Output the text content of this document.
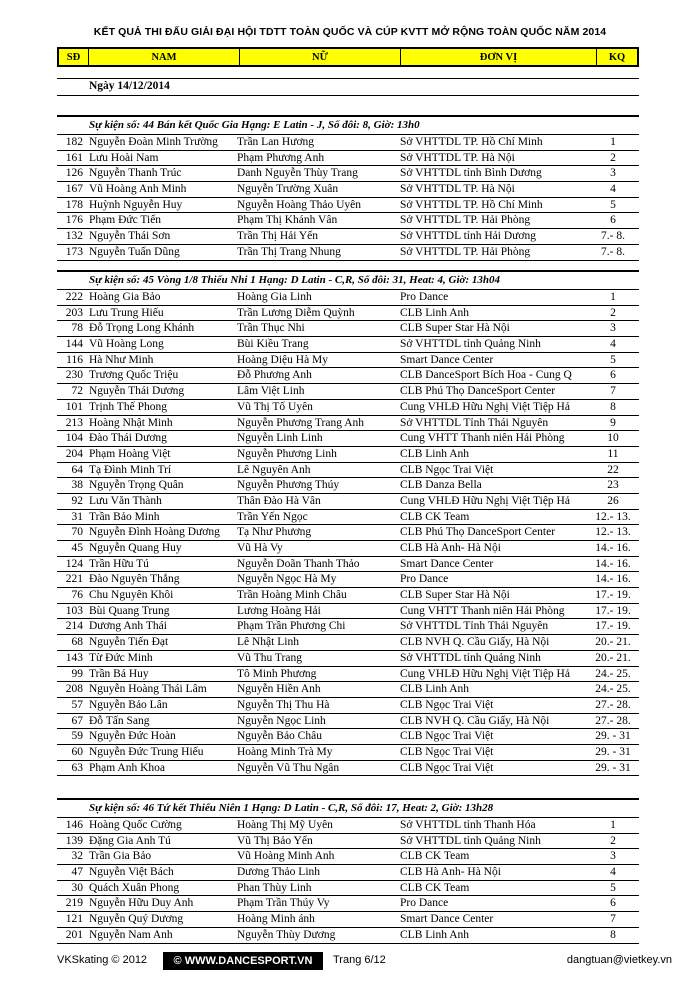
KẾT QUẢ THI ĐẤU GIẢI ĐẠI HỘI TDTT TOÀN QUỐC VÀ CÚP KVTT MỞ RỘNG TOÀN QUỐC NĂM 2014
SĐ	NAM	NỮ	ĐƠN VỊ	KQ
Ngày 14/12/2014
Sự kiện số: 44 Bán kết Quốc Gia Hạng: E Latin - J, Số đôi: 8, Giờ: 13h0
182 Nguyễn Đoàn Minh Trường	Trần Lan Hương	Sở VHTTDL TP. Hồ Chí Minh	1
161 Lưu Hoài Nam	Phạm Phương Anh	Sở VHTTDL TP. Hà Nội	2
126 Nguyễn Thanh Trúc	Danh Nguyễn Thùy Trang	Sở VHTTDL tỉnh Bình Dương	3
167 Vũ Hoàng Anh Minh	Nguyễn Trường Xuân	Sở VHTTDL TP. Hà Nội	4
178 Huỳnh Nguyễn Huy	Nguyễn Hoàng Thảo Uyên	Sở VHTTDL TP. Hồ Chí Minh	5
176 Phạm Đức Tiến	Phạm Thị Khánh Vân	Sở VHTTDL TP. Hải Phòng	6
132 Nguyễn Thái Sơn	Trần Thị Hải Yến	Sở VHTTDL tỉnh Hải Dương	7.- 8.
173 Nguyễn Tuấn Dũng	Trần Thị Trang Nhung	Sở VHTTDL TP. Hải Phòng	7.- 8.
Sự kiện số: 45 Vòng 1/8 Thiếu Nhi 1 Hạng: D Latin - C,R, Số đôi: 31, Heat: 4, Giờ: 13h04
222 Hoàng Gia Bảo	Hoàng Gia Linh	Pro Dance	1
203 Lưu Trung Hiếu	Trần Lương Diễm Quỳnh	CLB Linh Anh	2
78 Đỗ Trọng Long Khánh	Trần Thục Nhi	CLB Super Star Hà Nội	3
144 Vũ Hoàng Long	Bùi Kiều Trang	Sở VHTTDL tỉnh Quảng Ninh	4
116 Hà Như Minh	Hoàng Diệu Hà My	Smart Dance Center	5
230 Trương Quốc Triệu	Đỗ Phương Anh	CLB DanceSport Bích Hoa - Cung Q	6
72 Nguyễn Thái Dương	Lâm Việt Linh	CLB Phú Thọ DanceSport Center	7
101 Trịnh Thế Phong	Vũ Thị Tố Uyên	Cung VHLĐ Hữu Nghị Việt Tiệp Hả	8
213 Hoàng Nhật Minh	Nguyễn Phương Trang Anh	Sở VHTTDL Tỉnh Thái Nguyên	9
104 Đào Thái Dương	Nguyễn Linh Linh	Cung VHTT Thanh niên Hải Phòng	10
204 Phạm Hoàng Việt	Nguyễn Phương Linh	CLB Linh Anh	11
64 Tạ Đình Minh Trí	Lê Nguyên Anh	CLB Ngọc Trai Việt	22
38 Nguyễn Trọng Quân	Nguyễn Phương Thúy	CLB Danza Bella	23
92 Lưu Văn Thành	Thân Đào Hà Vân	Cung VHLĐ Hữu Nghị Việt Tiệp Hả	26
31 Trần Bảo Minh	Trần Yến Ngọc	CLB CK Team	12.- 13.
70 Nguyễn Đình Hoàng Dương	Tạ Như Phương	CLB Phú Thọ DanceSport Center	12.- 13.
45 Nguyễn Quang Huy	Vũ Hà Vy	CLB Hà Anh- Hà Nội	14.- 16.
124 Trần Hữu Tú	Nguyễn Doãn Thanh Thảo	Smart Dance Center	14.- 16.
221 Đào Nguyên Thắng	Nguyễn Ngọc Hà My	Pro Dance	14.- 16.
76 Chu Nguyên Khôi	Trần Hoàng Minh Châu	CLB Super Star Hà Nội	17.- 19.
103 Bùi Quang Trung	Lương Hoàng Hải	Cung VHTT Thanh niên Hải Phòng	17.- 19.
214 Dương Anh Thái	Phạm Trần Phương Chi	Sở VHTTDL Tỉnh Thái Nguyên	17.- 19.
68 Nguyễn Tiến Đạt	Lê Nhật Linh	CLB NVH Q. Cầu Giấy, Hà Nội	20.- 21.
143 Từ Đức Minh	Vũ Thu Trang	Sở VHTTDL tỉnh Quảng Ninh	20.- 21.
99 Trần Bá Huy	Tô Minh Phương	Cung VHLĐ Hữu Nghị Việt Tiệp Hả	24.- 25.
208 Nguyễn Hoàng Thái Lâm	Nguyễn Hiền Anh	CLB Linh Anh	24.- 25.
57 Nguyễn Bảo Lân	Nguyễn Thị Thu Hà	CLB Ngọc Trai Việt	27.- 28.
67 Đỗ Tấn Sang	Nguyễn Ngọc Linh	CLB NVH Q. Cầu Giấy, Hà Nội	27.- 28.
59 Nguyễn Đức Hoàn	Nguyễn Bảo Châu	CLB Ngọc Trai Việt	29. - 31
60 Nguyễn Đức Trung Hiếu	Hoàng Minh Trà My	CLB Ngọc Trai Việt	29. - 31
63 Phạm Anh Khoa	Nguyễn Vũ Thu Ngân	CLB Ngọc Trai Việt	29. - 31
Sự kiện số: 46 Tứ kết Thiếu Niên 1 Hạng: D Latin - C,R, Số đôi: 17, Heat: 2, Giờ: 13h28
146 Hoàng Quốc Cường	Hoàng Thị Mỹ Uyên	Sở VHTTDL tỉnh Thanh Hóa	1
139 Đặng Gia Anh Tú	Vũ Thị Bảo Yến	Sở VHTTDL tỉnh Quảng Ninh	2
32 Trần Gia Bảo	Vũ Hoàng Minh Anh	CLB CK Team	3
47 Nguyễn Việt Bách	Dương Thảo Linh	CLB Hà Anh- Hà Nội	4
30 Quách Xuân Phong	Phan Thùy Linh	CLB CK Team	5
219 Nguyễn Hữu Duy Anh	Phạm Trần Thúy Vy	Pro Dance	6
121 Nguyễn Quý Dương	Hoàng Minh ánh	Smart Dance Center	7
201 Nguyễn Nam Anh	Nguyễn Thùy Dương	CLB Linh Anh	8
VKSkating © 2012	© WWW.DANCESPORT.VN	Trang 6/12	dangtuan@vietkey.vn
